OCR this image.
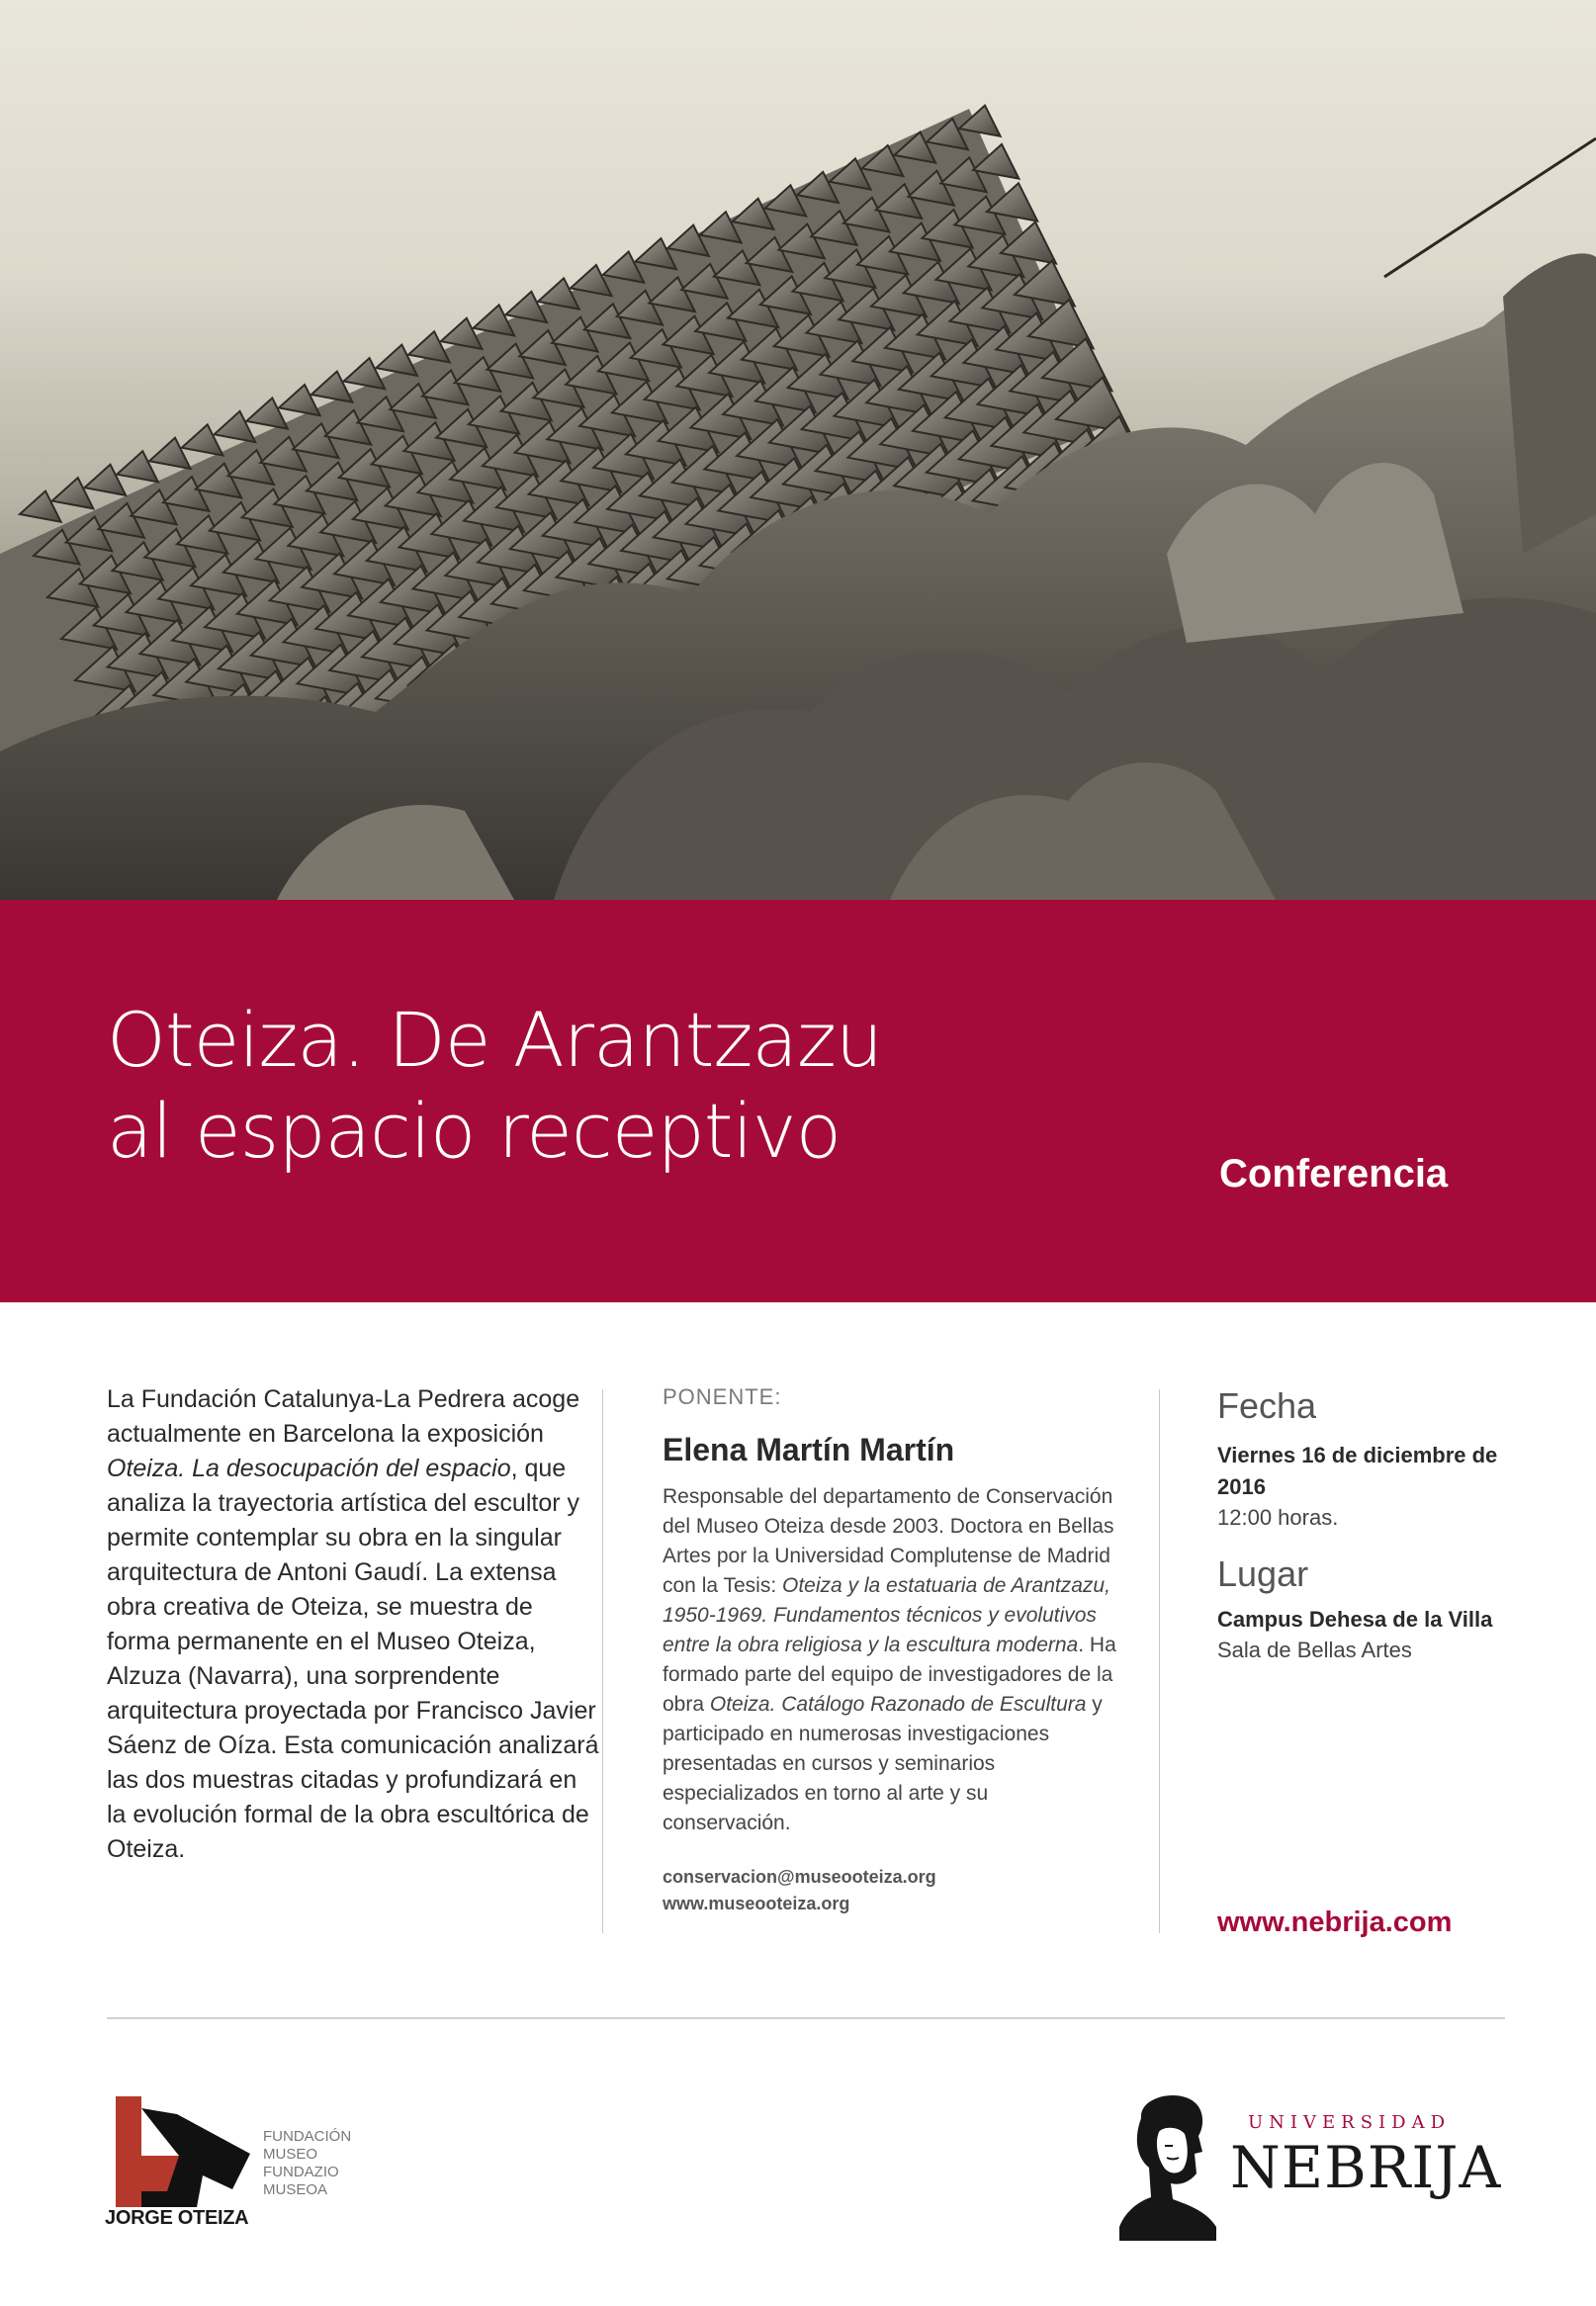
Oteiza. De Arantzazu
al espacio receptivo	Conferencia

La Fundación Catalunya-La Pedrera acoge actualmente en Barcelona la exposición Oteiza. La desocupación del espacio, que analiza la trayectoria artística del escultor y permite contemplar su obra en la singular arquitectura de Antoni Gaudí. La extensa obra creativa de Oteiza, se muestra de forma permanente en el Museo Oteiza, Alzuza (Navarra), una sorprendente arquitectura proyectada por Francisco Javier Sáenz de Oíza. Esta comunicación analizará las dos muestras citadas y profundizará en la evolución formal de la obra escultórica de Oteiza.

PONENTE:
Elena Martín Martín
Responsable del departamento de Conservación del Museo Oteiza desde 2003. Doctora en Bellas Artes por la Universidad Complutense de Madrid con la Tesis: Oteiza y la estatuaria de Arantzazu, 1950-1969. Fundamentos técnicos y evolutivos entre la obra religiosa y la escultura moderna. Ha formado parte del equipo de investigadores de la obra Oteiza. Catálogo Razonado de Escultura y participado en numerosas investigaciones presentadas en cursos y seminarios especializados en torno al arte y su conservación.
conservacion@museooteiza.org
www.museooteiza.org
Fecha
Viernes 16 de diciembre de 2016
12:00 horas.
Lugar
Campus Dehesa de la Villa
Sala de Bellas Artes
www.nebrija.com
JORGE OTEIZA
FUNDACIÓN
MUSEO
FUNDAZIO
MUSEOA
UNIVERSIDAD
NEBRIJA
